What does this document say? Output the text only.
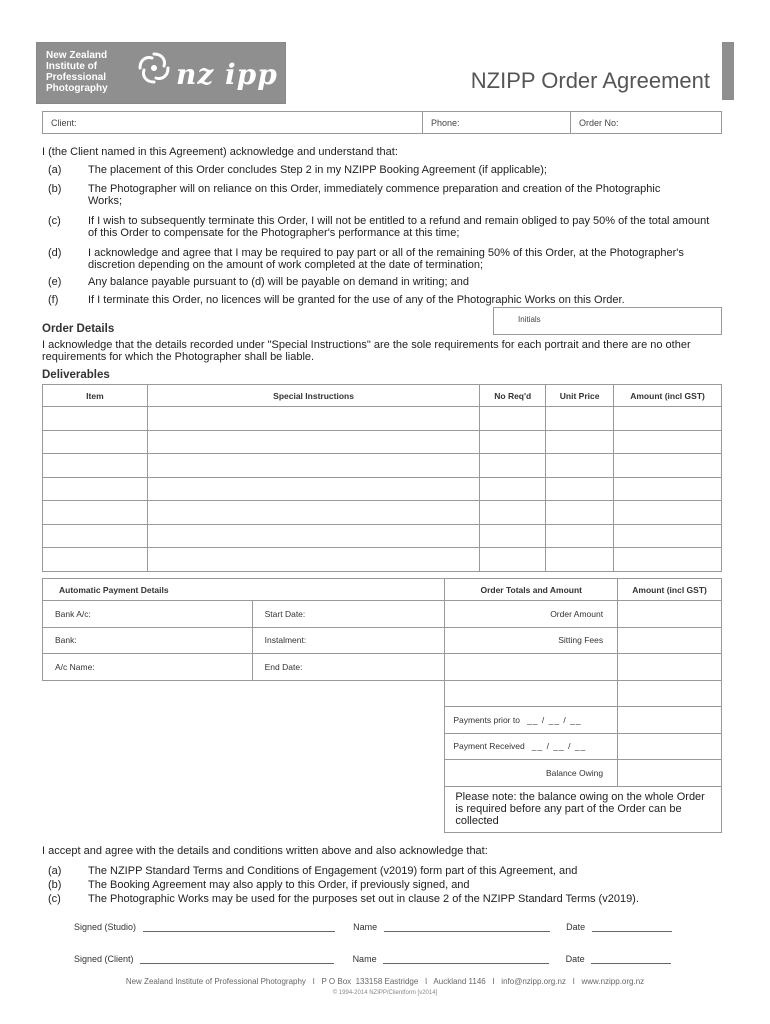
New Zealand
Institute of
Professional
Photography	nz ipp	NZIPP Order Agreement
Client:	Phone:	Order No:
I (the Client named in this Agreement) acknowledge and understand that:
(a) The placement of this Order concludes Step 2 in my NZIPP Booking Agreement (if applicable);
(b) The Photographer will on reliance on this Order, immediately commence preparation and creation of the Photographic Works;
(c) If I wish to subsequently terminate this Order, I will not be entitled to a refund and remain obliged to pay 50% of the total amount of this Order to compensate for the Photographer's performance at this time;
(d) I acknowledge and agree that I may be required to pay part or all of the remaining 50% of this Order, at the Photographer's discretion depending on the amount of work completed at the date of termination;
(e) Any balance payable pursuant to (d) will be payable on demand in writing; and
(f)	If I terminate this Order, no licences will be granted for the use of any of the Photographic Works on this Order.
Initials
Order Details
I acknowledge that the details recorded under "Special Instructions" are the sole requirements for each portrait and there are no other requirements for which the Photographer shall be liable.
Deliverables
Item	Special Instructions	No Req'd	Unit Price	Amount (incl GST)

Automatic Payment Details		Order Totals and Amount	Amount (incl GST)
Bank A/c:	Start Date:	Order Amount	
Bank:	Instalment:	Sitting Fees	
A/c Name:	End Date:		

		Payments prior to __ / __ / __	
		Payment Received __ / __ / __	
		Balance Owing	
		Please note: the balance owing on the whole Order is required before any part of the Order can be collected	
I accept and agree with the details and conditions written above and also acknowledge that:
(a) The NZIPP Standard Terms and Conditions of Engagement (v2019) form part of this Agreement, and
(b) The Booking Agreement may also apply to this Order, if previously signed, and
(c) The Photographic Works may be used for the purposes set out in clause 2 of the NZIPP Standard Terms (v2019).
Signed (Studio)	Name	Date
Signed (Client)	Name	Date
New Zealand Institute of Professional Photography   I   P O Box  133158 Eastridge   I   Auckland 1146   I   info@nzipp.org.nz   I   www.nzipp.org.nz
© 1994-2014 NZIPP/Clientform [v2014]
